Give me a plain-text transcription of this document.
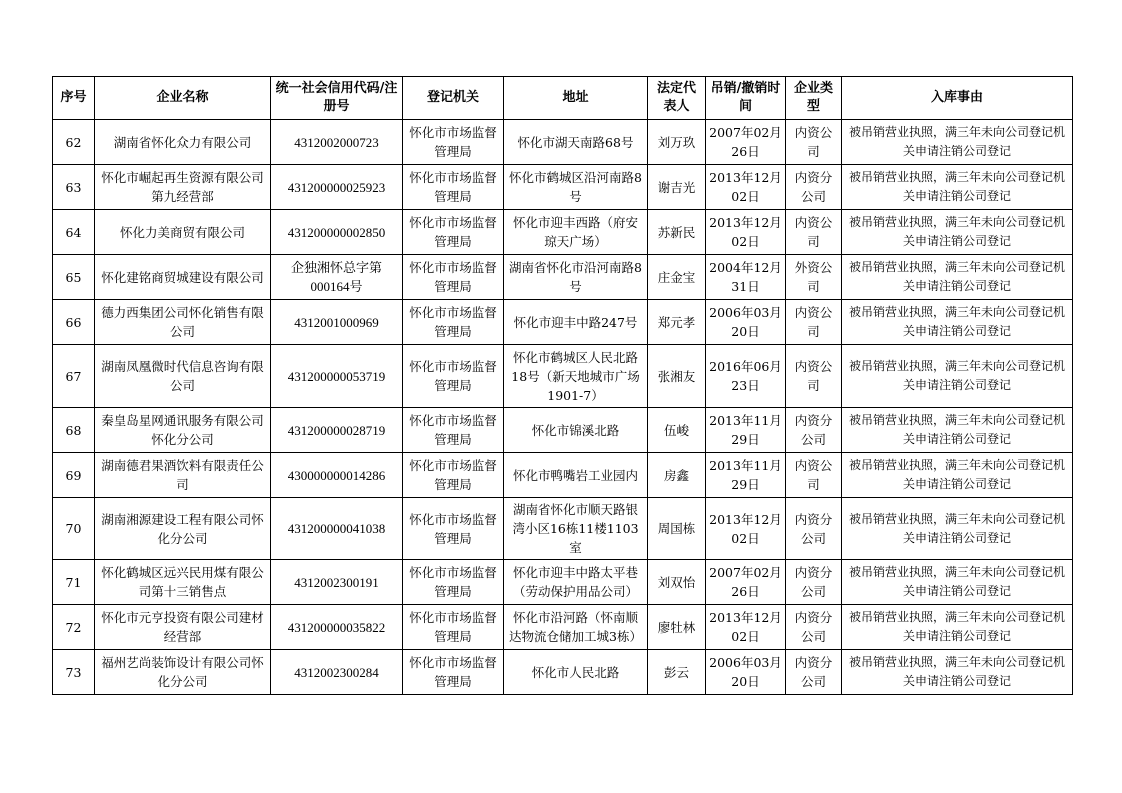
序号	企业名称	统一社会信用代码/注册号	登记机关	地址	法定代表人	吊销/撤销时间	企业类型	入库事由
62	湖南省怀化众力有限公司	4312002000723	怀化市市场监督管理局	怀化市湖天南路68号	刘万玖	2007年02月26日	内资公司	被吊销营业执照，满三年未向公司登记机关申请注销公司登记
63	怀化市崛起再生资源有限公司第九经营部	431200000025923	怀化市市场监督管理局	怀化市鹤城区沿河南路8号	谢吉光	2013年12月02日	内资分公司	被吊销营业执照，满三年未向公司登记机关申请注销公司登记
64	怀化力美商贸有限公司	431200000002850	怀化市市场监督管理局	怀化市迎丰西路（府安琼天广场）	苏新民	2013年12月02日	内资公司	被吊销营业执照，满三年未向公司登记机关申请注销公司登记
65	怀化建铭商贸城建设有限公司	企独湘怀总字第000164号	怀化市市场监督管理局	湖南省怀化市沿河南路8号	庄金宝	2004年12月31日	外资公司	被吊销营业执照，满三年未向公司登记机关申请注销公司登记
66	德力西集团公司怀化销售有限公司	4312001000969	怀化市市场监督管理局	怀化市迎丰中路247号	郑元孝	2006年03月20日	内资公司	被吊销营业执照，满三年未向公司登记机关申请注销公司登记
67	湖南凤凰微时代信息咨询有限公司	431200000053719	怀化市市场监督管理局	怀化市鹤城区人民北路18号（新天地城市广场1901-7）	张湘友	2016年06月23日	内资公司	被吊销营业执照，满三年未向公司登记机关申请注销公司登记
68	秦皇岛星网通讯服务有限公司怀化分公司	431200000028719	怀化市市场监督管理局	怀化市锦溪北路	伍峻	2013年11月29日	内资分公司	被吊销营业执照，满三年未向公司登记机关申请注销公司登记
69	湖南德君果酒饮料有限责任公司	430000000014286	怀化市市场监督管理局	怀化市鸭嘴岩工业园内	房鑫	2013年11月29日	内资公司	被吊销营业执照，满三年未向公司登记机关申请注销公司登记
70	湖南湘源建设工程有限公司怀化分公司	431200000041038	怀化市市场监督管理局	湖南省怀化市顺天路银湾小区16栋11楼1103室	周国栋	2013年12月02日	内资分公司	被吊销营业执照，满三年未向公司登记机关申请注销公司登记
71	怀化鹤城区远兴民用煤有限公司第十三销售点	4312002300191	怀化市市场监督管理局	怀化市迎丰中路太平巷（劳动保护用品公司）	刘双怡	2007年02月26日	内资分公司	被吊销营业执照，满三年未向公司登记机关申请注销公司登记
72	怀化市元亨投资有限公司建材经营部	431200000035822	怀化市市场监督管理局	怀化市沿河路（怀南顺达物流仓储加工城3栋）	廖牡林	2013年12月02日	内资分公司	被吊销营业执照，满三年未向公司登记机关申请注销公司登记
73	福州艺尚装饰设计有限公司怀化分公司	4312002300284	怀化市市场监督管理局	怀化市人民北路	彭云	2006年03月20日	内资分公司	被吊销营业执照，满三年未向公司登记机关申请注销公司登记
